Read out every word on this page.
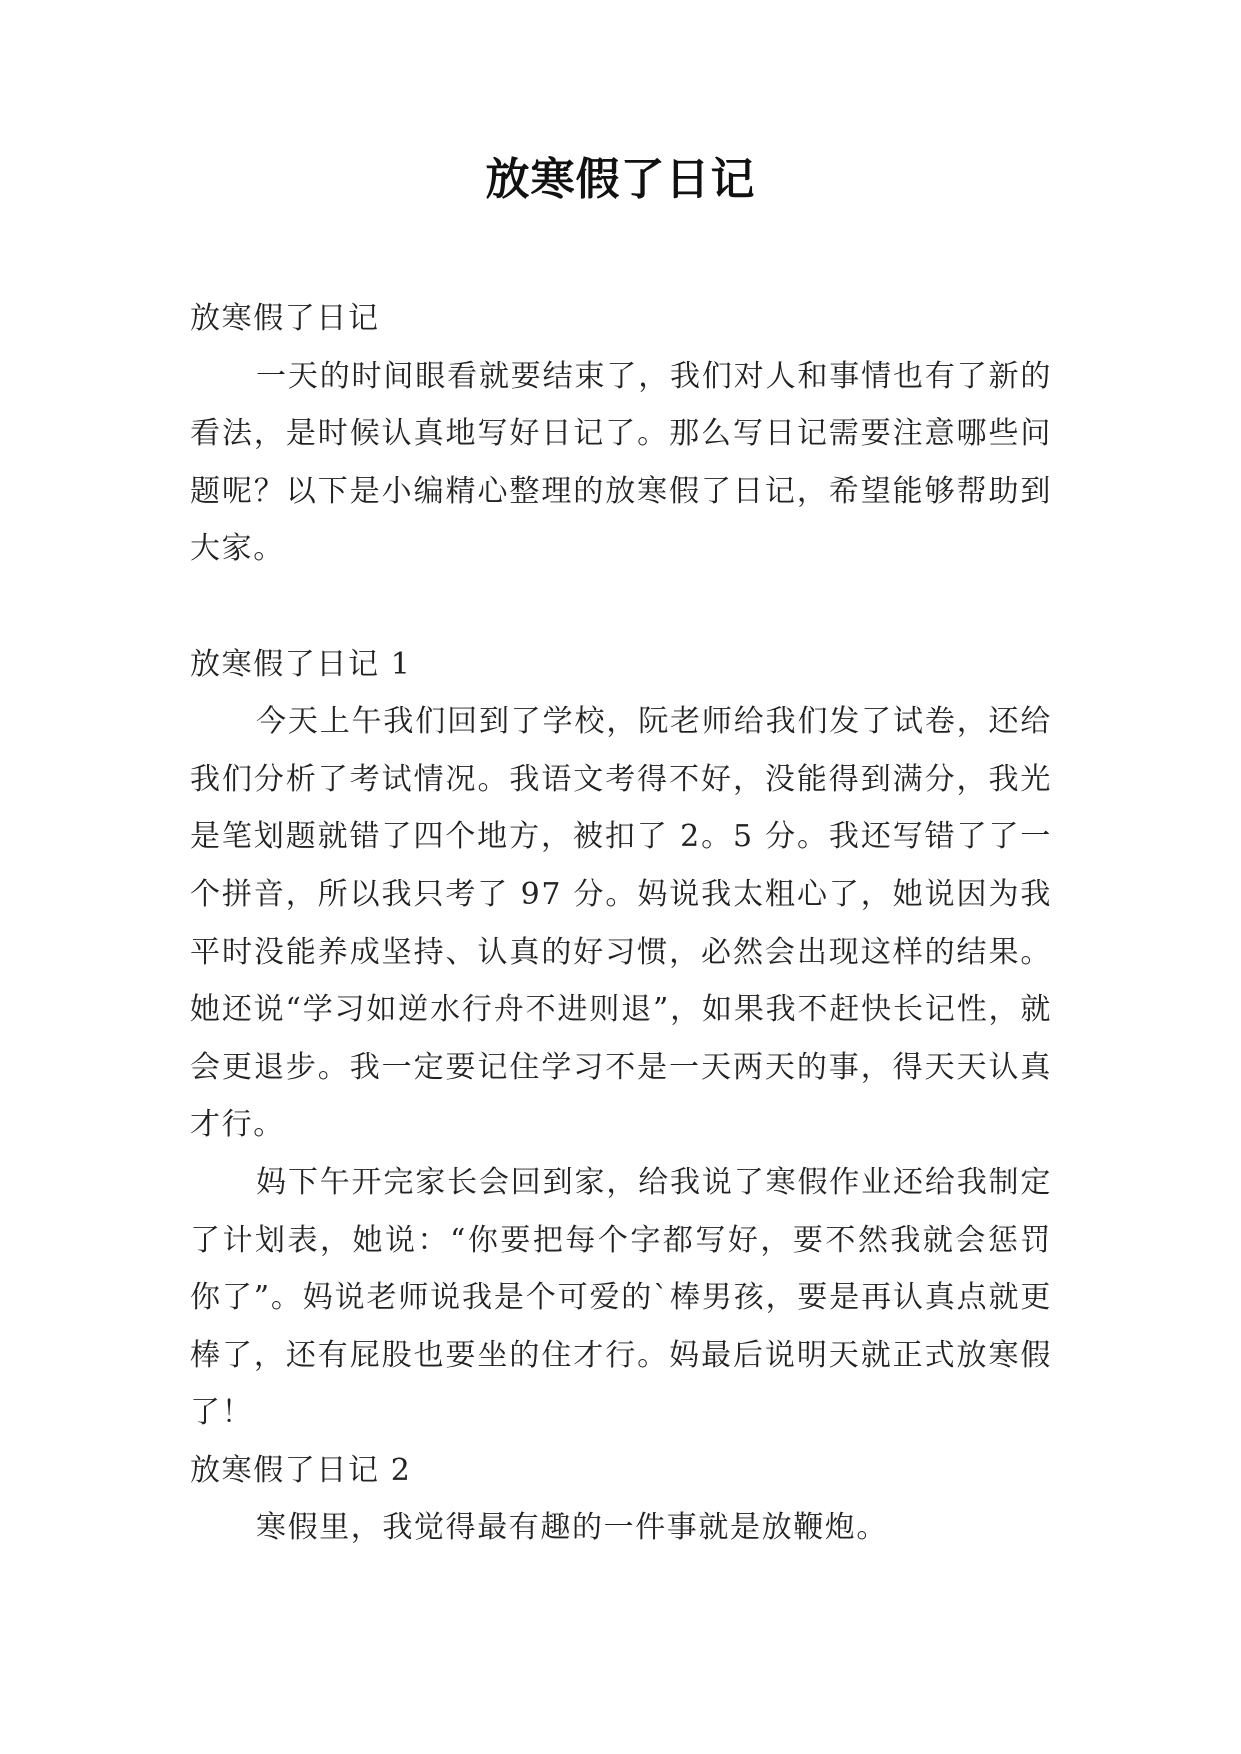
放寒假了日记

放寒假了日记

一天的时间眼看就要结束了，我们对人和事情也有了新的看法，是时候认真地写好日记了。那么写日记需要注意哪些问题呢？以下是小编精心整理的放寒假了日记，希望能够帮助到大家。

放寒假了日记 1

今天上午我们回到了学校，阮老师给我们发了试卷，还给我们分析了考试情况。我语文考得不好，没能得到满分，我光是笔划题就错了四个地方，被扣了 2。5 分。我还写错了了一个拼音，所以我只考了 97 分。妈说我太粗心了，她说因为我平时没能养成坚持、认真的好习惯，必然会出现这样的结果。她还说“学习如逆水行舟不进则退”，如果我不赶快长记性，就会更退步。我一定要记住学习不是一天两天的事，得天天认真才行。

妈下午开完家长会回到家，给我说了寒假作业还给我制定了计划表，她说：“你要把每个字都写好，要不然我就会惩罚你了”。妈说老师说我是个可爱的`棒男孩，要是再认真点就更棒了，还有屁股也要坐的住才行。妈最后说明天就正式放寒假了！

放寒假了日记 2

寒假里，我觉得最有趣的一件事就是放鞭炮。
